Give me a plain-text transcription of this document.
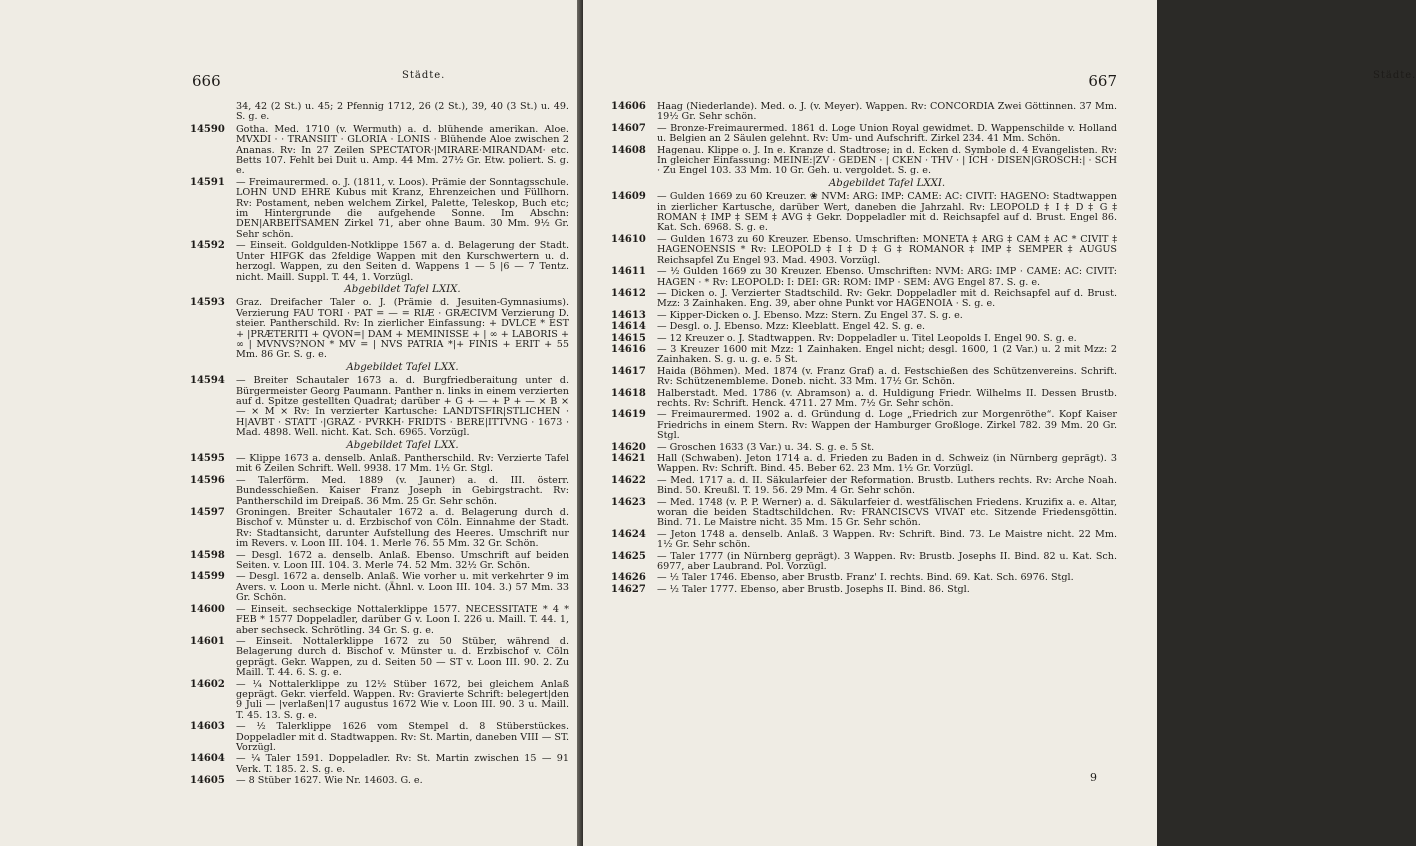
666	Städte.
34, 42 (2 St.) u. 45; 2 Pfennig 1712, 26 (2 St.), 39, 40 (3 St.) u. 49. S. g. e.
14590	Gotha. Med. 1710 (v. Wermuth) a. d. blühende amerikan. Aloe. MVXDI · · TRANSIIT · GLORIA · LONIS · Blühende Aloe zwischen 2 Ananas. Rv: In 27 Zeilen SPECTATOR·|MIRARE·MIRANDAM· etc. Betts 107. Fehlt bei Duit u. Amp. 44 Mm. 27½ Gr. Etw. poliert. S. g. e.
14591	— Freimaurermed. o. J. (1811, v. Loos). Prämie der Sonntagsschule. LOHN UND EHRE Kubus mit Kranz, Ehrenzeichen und Füllhorn. Rv: Postament, neben welchem Zirkel, Palette, Teleskop, Buch etc; im Hintergrunde die aufgehende Sonne. Im Abschn: DEN|ARBEITSAMEN Zirkel 71, aber ohne Baum. 30 Mm. 9½ Gr. Sehr schön.
14592	— Einseit. Goldgulden-Notklippe 1567 a. d. Belagerung der Stadt. Unter HIFGK das 2feldige Wappen mit den Kurschwertern u. d. herzogl. Wappen, zu den Seiten d. Wappens 1 — 5 |6 — 7 Tentz. nicht. Maill. Suppl. T. 44, 1. Vorzügl.
Abgebildet Tafel LXIX.
14593	Graz. Dreifacher Taler o. J. (Prämie d. Jesuiten-Gymnasiums). Verzierung FAU TORI · PAT = — = RIÆ · GRÆCIVM Verzierung D. steier. Pantherschild. Rv: In zierlicher Einfassung: + DVLCE * EST + |PRÆTERITI + QVON=| DAM + MEMINISSE + | ∞ + LABORIS + ∞ | MVNVS?NON * MV = | NVS PATRIA *|+ FINIS + ERIT + 55 Mm. 86 Gr. S. g. e.
Abgebildet Tafel LXX.
14594	— Breiter Schautaler 1673 a. d. Burgfriedberaitung unter d. Bürgermeister Georg Paumann. Panther n. links in einem verzierten auf d. Spitze gestellten Quadrat; darüber + G + — + P + — × B × — × M × Rv: In verzierter Kartusche: LANDTSFIR|STLICHEN · H|AVBT · STATT ·|GRAZ · PVRKH· FRIDTS · BERE|ITTVNG · 1673 · Mad. 4898. Well. nicht. Kat. Sch. 6965. Vorzügl.
Abgebildet Tafel LXX.
14595	— Klippe 1673 a. denselb. Anlaß. Pantherschild. Rv: Verzierte Tafel mit 6 Zeilen Schrift. Well. 9938. 17 Mm. 1½ Gr. Stgl.
14596	— Talerförm. Med. 1889 (v. Jauner) a. d. III. österr. Bundesschießen. Kaiser Franz Joseph in Gebirgstracht. Rv: Pantherschild im Dreipaß. 36 Mm. 25 Gr. Sehr schön.
14597	Groningen. Breiter Schautaler 1672 a. d. Belagerung durch d. Bischof v. Münster u. d. Erzbischof von Cöln. Einnahme der Stadt. Rv: Stadtansicht, darunter Aufstellung des Heeres. Umschrift nur im Revers. v. Loon III. 104. 1. Merle 76. 55 Mm. 32 Gr. Schön.
14598	— Desgl. 1672 a. denselb. Anlaß. Ebenso. Umschrift auf beiden Seiten. v. Loon III. 104. 3. Merle 74. 52 Mm. 32½ Gr. Schön.
14599	— Desgl. 1672 a. denselb. Anlaß. Wie vorher u. mit verkehrter 9 im Avers. v. Loon u. Merle nicht. (Ähnl. v. Loon III. 104. 3.) 57 Mm. 33 Gr. Schön.
14600	— Einseit. sechseckige Nottalerklippe 1577. NECESSITATE * 4 * FEB * 1577 Doppeladler, darüber G v. Loon I. 226 u. Maill. T. 44. 1, aber sechseck. Schrötling. 34 Gr. S. g. e.
14601	— Einseit. Nottalerklippe 1672 zu 50 Stüber, während d. Belagerung durch d. Bischof v. Münster u. d. Erzbischof v. Cöln geprägt. Gekr. Wappen, zu d. Seiten 50 — ST v. Loon III. 90. 2. Zu Maill. T. 44. 6. S. g. e.
14602	— ¼ Nottalerklippe zu 12½ Stüber 1672, bei gleichem Anlaß geprägt. Gekr. vierfeld. Wappen. Rv: Gravierte Schrift: belegert|den 9 Juli — |verlaßen|17 augustus 1672 Wie v. Loon III. 90. 3 u. Maill. T. 45. 13. S. g. e.
14603	— ½ Talerklippe 1626 vom Stempel d. 8 Stüberstückes. Doppeladler mit d. Stadtwappen. Rv: St. Martin, daneben VIII — ST. Vorzügl.
14604	— ¼ Taler 1591. Doppeladler. Rv: St. Martin zwischen 15 — 91 Verk. T. 185. 2. S. g. e.
14605	— 8 Stüber 1627. Wie Nr. 14603. G. e.
Städte.
667
14606	Haag (Niederlande). Med. o. J. (v. Meyer). Wappen. Rv: CONCORDIA Zwei Göttinnen. 37 Mm. 19½ Gr. Sehr schön.
14607	— Bronze-Freimaurermed. 1861 d. Loge Union Royal gewidmet. D. Wappenschilde v. Holland u. Belgien an 2 Säulen gelehnt. Rv: Um- und Aufschrift. Zirkel 234. 41 Mm. Schön.
14608	Hagenau. Klippe o. J. In e. Kranze d. Stadtrose; in d. Ecken d. Symbole d. 4 Evangelisten. Rv: In gleicher Einfassung: MEINE:|ZV · GEDEN · | CKEN · THV · | ICH · DISEN|GROSCH:| · SCH · Zu Engel 103. 33 Mm. 10 Gr. Geh. u. vergoldet. S. g. e.
Abgebildet Tafel LXXI.
14609	— Gulden 1669 zu 60 Kreuzer. ❀ NVM: ARG: IMP: CAME: AC: CIVIT: HAGENO: Stadtwappen in zierlicher Kartusche, darüber Wert, daneben die Jahrzahl. Rv: LEOPOLD ‡ I ‡ D ‡ G ‡ ROMAN ‡ IMP ‡ SEM ‡ AVG ‡ Gekr. Doppeladler mit d. Reichsapfel auf d. Brust. Engel 86. Kat. Sch. 6968. S. g. e.
14610	— Gulden 1673 zu 60 Kreuzer. Ebenso. Umschriften: MONETA ‡ ARG ‡ CAM ‡ AC * CIVIT ‡ HAGENOENSIS * Rv: LEOPOLD ‡ I ‡ D ‡ G ‡ ROMANOR ‡ IMP ‡ SEMPER ‡ AUGUS Reichsapfel Zu Engel 93. Mad. 4903. Vorzügl.
14611	— ½ Gulden 1669 zu 30 Kreuzer. Ebenso. Umschriften: NVM: ARG: IMP · CAME: AC: CIVIT: HAGEN · * Rv: LEOPOLD: I: DEI: GR: ROM: IMP · SEM: AVG Engel 87. S. g. e.
14612	— Dicken o. J. Verzierter Stadtschild. Rv: Gekr. Doppeladler mit d. Reichsapfel auf d. Brust. Mzz: 3 Zainhaken. Eng. 39, aber ohne Punkt vor HAGENOIA · S. g. e.
14613	— Kipper-Dicken o. J. Ebenso. Mzz: Stern. Zu Engel 37. S. g. e.
14614	— Desgl. o. J. Ebenso. Mzz: Kleeblatt. Engel 42. S. g. e.
14615	— 12 Kreuzer o. J. Stadtwappen. Rv: Doppeladler u. Titel Leopolds I. Engel 90. S. g. e.
14616	— 3 Kreuzer 1600 mit Mzz: 1 Zainhaken. Engel nicht; desgl. 1600, 1 (2 Var.) u. 2 mit Mzz: 2 Zainhaken. S. g. u. g. e. 5 St.
14617	Haida (Böhmen). Med. 1874 (v. Franz Graf) a. d. Festschießen des Schützenvereins. Schrift. Rv: Schützenembleme. Doneb. nicht. 33 Mm. 17½ Gr. Schön.
14618	Halberstadt. Med. 1786 (v. Abramson) a. d. Huldigung Friedr. Wilhelms II. Dessen Brustb. rechts. Rv: Schrift. Henck. 4711. 27 Mm. 7½ Gr. Sehr schön.
14619	— Freimaurermed. 1902 a. d. Gründung d. Loge „Friedrich zur Morgenröthe“. Kopf Kaiser Friedrichs in einem Stern. Rv: Wappen der Hamburger Großloge. Zirkel 782. 39 Mm. 20 Gr. Stgl.
14620	— Groschen 1633 (3 Var.) u. 34. S. g. e. 5 St.
14621	Hall (Schwaben). Jeton 1714 a. d. Frieden zu Baden in d. Schweiz (in Nürnberg geprägt). 3 Wappen. Rv: Schrift. Bind. 45. Beber 62. 23 Mm. 1½ Gr. Vorzügl.
14622	— Med. 1717 a. d. II. Säkularfeier der Reformation. Brustb. Luthers rechts. Rv: Arche Noah. Bind. 50. Kreußl. T. 19. 56. 29 Mm. 4 Gr. Sehr schön.
14623	— Med. 1748 (v. P. P. Werner) a. d. Säkularfeier d. westfälischen Friedens. Kruzifix a. e. Altar, woran die beiden Stadtschildchen. Rv: FRANCISCVS VIVAT etc. Sitzende Friedensgöttin. Bind. 71. Le Maistre nicht. 35 Mm. 15 Gr. Sehr schön.
14624	— Jeton 1748 a. denselb. Anlaß. 3 Wappen. Rv: Schrift. Bind. 73. Le Maistre nicht. 22 Mm. 1½ Gr. Sehr schön.
14625	— Taler 1777 (in Nürnberg geprägt). 3 Wappen. Rv: Brustb. Josephs II. Bind. 82 u. Kat. Sch. 6977, aber Laubrand. Pol. Vorzügl.
14626	— ½ Taler 1746. Ebenso, aber Brustb. Franz' I. rechts. Bind. 69. Kat. Sch. 6976. Stgl.
14627	— ½ Taler 1777. Ebenso, aber Brustb. Josephs II. Bind. 86. Stgl.
9
